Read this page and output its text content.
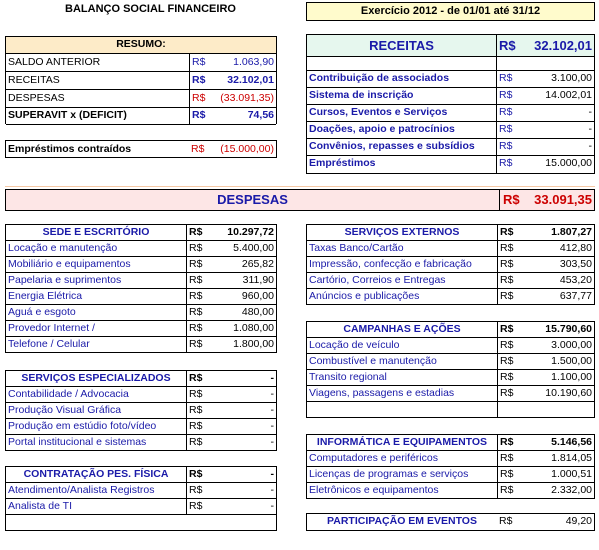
BALANÇO SOCIAL FINANCEIRO	Exercício 2012 - de 01/01 até 31/12
RESUMO:
SALDO ANTERIOR	R$	1.063,90
RECEITAS	R$	32.102,01
DESPESAS	R$	(33.091,35)
SUPERAVIT x (DEFICIT)	R$	74,56
Empréstimos contraídos	R$	(15.000,00)
RECEITAS	R$	32.102,01
Contribuição de associados	R$	3.100,00
Sistema de inscrição	R$	14.002,01
Cursos, Eventos e Serviços	R$	-
Doações, apoio e patrocínios	R$	-
Convênios, repasses e subsídios	R$	-
Empréstimos	R$	15.000,00
DESPESAS	R$	33.091,35
SEDE E ESCRITÓRIO	R$	10.297,72
Locação e manutenção	R$	5.400,00
Mobiliário e equipamentos	R$	265,82
Papelaria e suprimentos	R$	311,90
Energia Elétrica	R$	960,00
Aguá e esgoto	R$	480,00
Provedor Internet /	R$	1.080,00
Telefone / Celular	R$	1.800,00
SERVIÇOS ESPECIALIZADOS	R$	-
Contabilidade / Advocacia	R$	-
Produção Visual Gráfica	R$	-
Produção em estúdio foto/vídeo	R$	-
Portal institucional e sistemas	R$	-
CONTRATAÇÃO PES. FÍSICA	R$	-
Atendimento/Analista Registros	R$	-
Analista de TI	R$	-
SERVIÇOS EXTERNOS	R$	1.807,27
Taxas Banco/Cartão	R$	412,80
Impressão, confecção e fabricação	R$	303,50
Cartório, Correios e Entregas	R$	453,20
Anúncios e publicações	R$	637,77
CAMPANHAS E AÇÕES	R$	15.790,60
Locação de veículo	R$	3.000,00
Combustível e manutenção	R$	1.500,00
Transito regional	R$	1.100,00
Viagens, passagens e estadias	R$	10.190,60
INFORMÁTICA E EQUIPAMENTOS	R$	5.146,56
Computadores e periféricos	R$	1.814,05
Licenças de programas e serviços	R$	1.000,51
Eletrônicos e equipamentos	R$	2.332,00
PARTICIPAÇÃO EM EVENTOS	R$	49,20
